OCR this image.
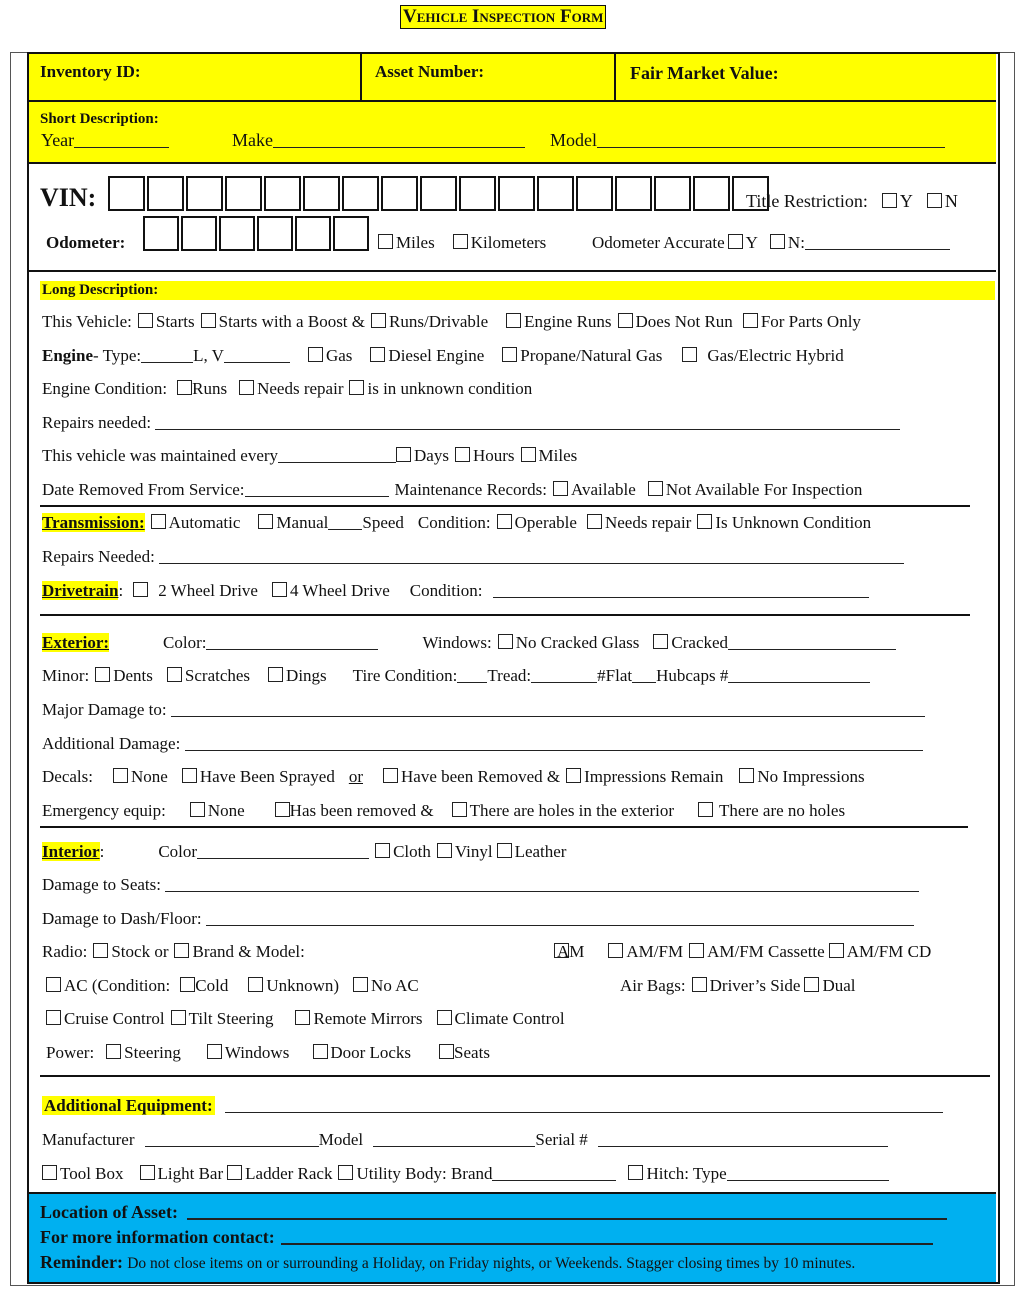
Vehicle Inspection Form
Inventory ID:	Asset Number:	Fair Market Value:
Short Description:
Year	Make	Model
VIN:	Title Restriction: Y N
Odometer:	Miles Kilometers	Odometer Accurate Y N:
Long Description:
This Vehicle: Starts Starts with a Boost & Runs/Drivable Engine Runs Does Not Run For Parts Only
Engine- Type:	L, V	Gas Diesel Engine Propane/Natural Gas	Gas/Electric Hybrid
Engine Condition: Runs Needs repair is in unknown condition
Repairs needed:
This vehicle was maintained every	Days Hours Miles
Date Removed From Service:	Maintenance Records: Available Not Available For Inspection
Transmission: Automatic Manual Speed Condition: Operable Needs repair Is Unknown Condition
Repairs Needed:
Drivetrain: 2 Wheel Drive 4 Wheel Drive Condition:
Exterior:	Color:	Windows: No Cracked Glass Cracked
Minor: Dents Scratches Dings Tire Condition: Tread:	#Flat Hubcaps #
Major Damage to:
Additional Damage:
Decals: None Have Been Sprayed or Have been Removed & Impressions Remain No Impressions
Emergency equip: None	Has been removed & There are holes in the exterior	There are no holes
Interior:	Color	Cloth Vinyl Leather
Damage to Seats:
Damage to Dash/Floor:
Radio: Stock or Brand & Model:	AM AM/FM AM/FM Cassette AM/FM CD
AC (Condition: Cold Unknown) No AC	Air Bags: Driver’s Side Dual
Cruise Control Tilt Steering Remote Mirrors Climate Control
Power: Steering	Windows Door Locks	Seats
Additional Equipment:
Manufacturer	Model	Serial #
Tool Box Light Bar Ladder Rack Utility Body: Brand	Hitch: Type
Location of Asset:
For more information contact:
Reminder: Do not close items on or surrounding a Holiday, on Friday nights, or Weekends. Stagger closing times by 10 minutes.
